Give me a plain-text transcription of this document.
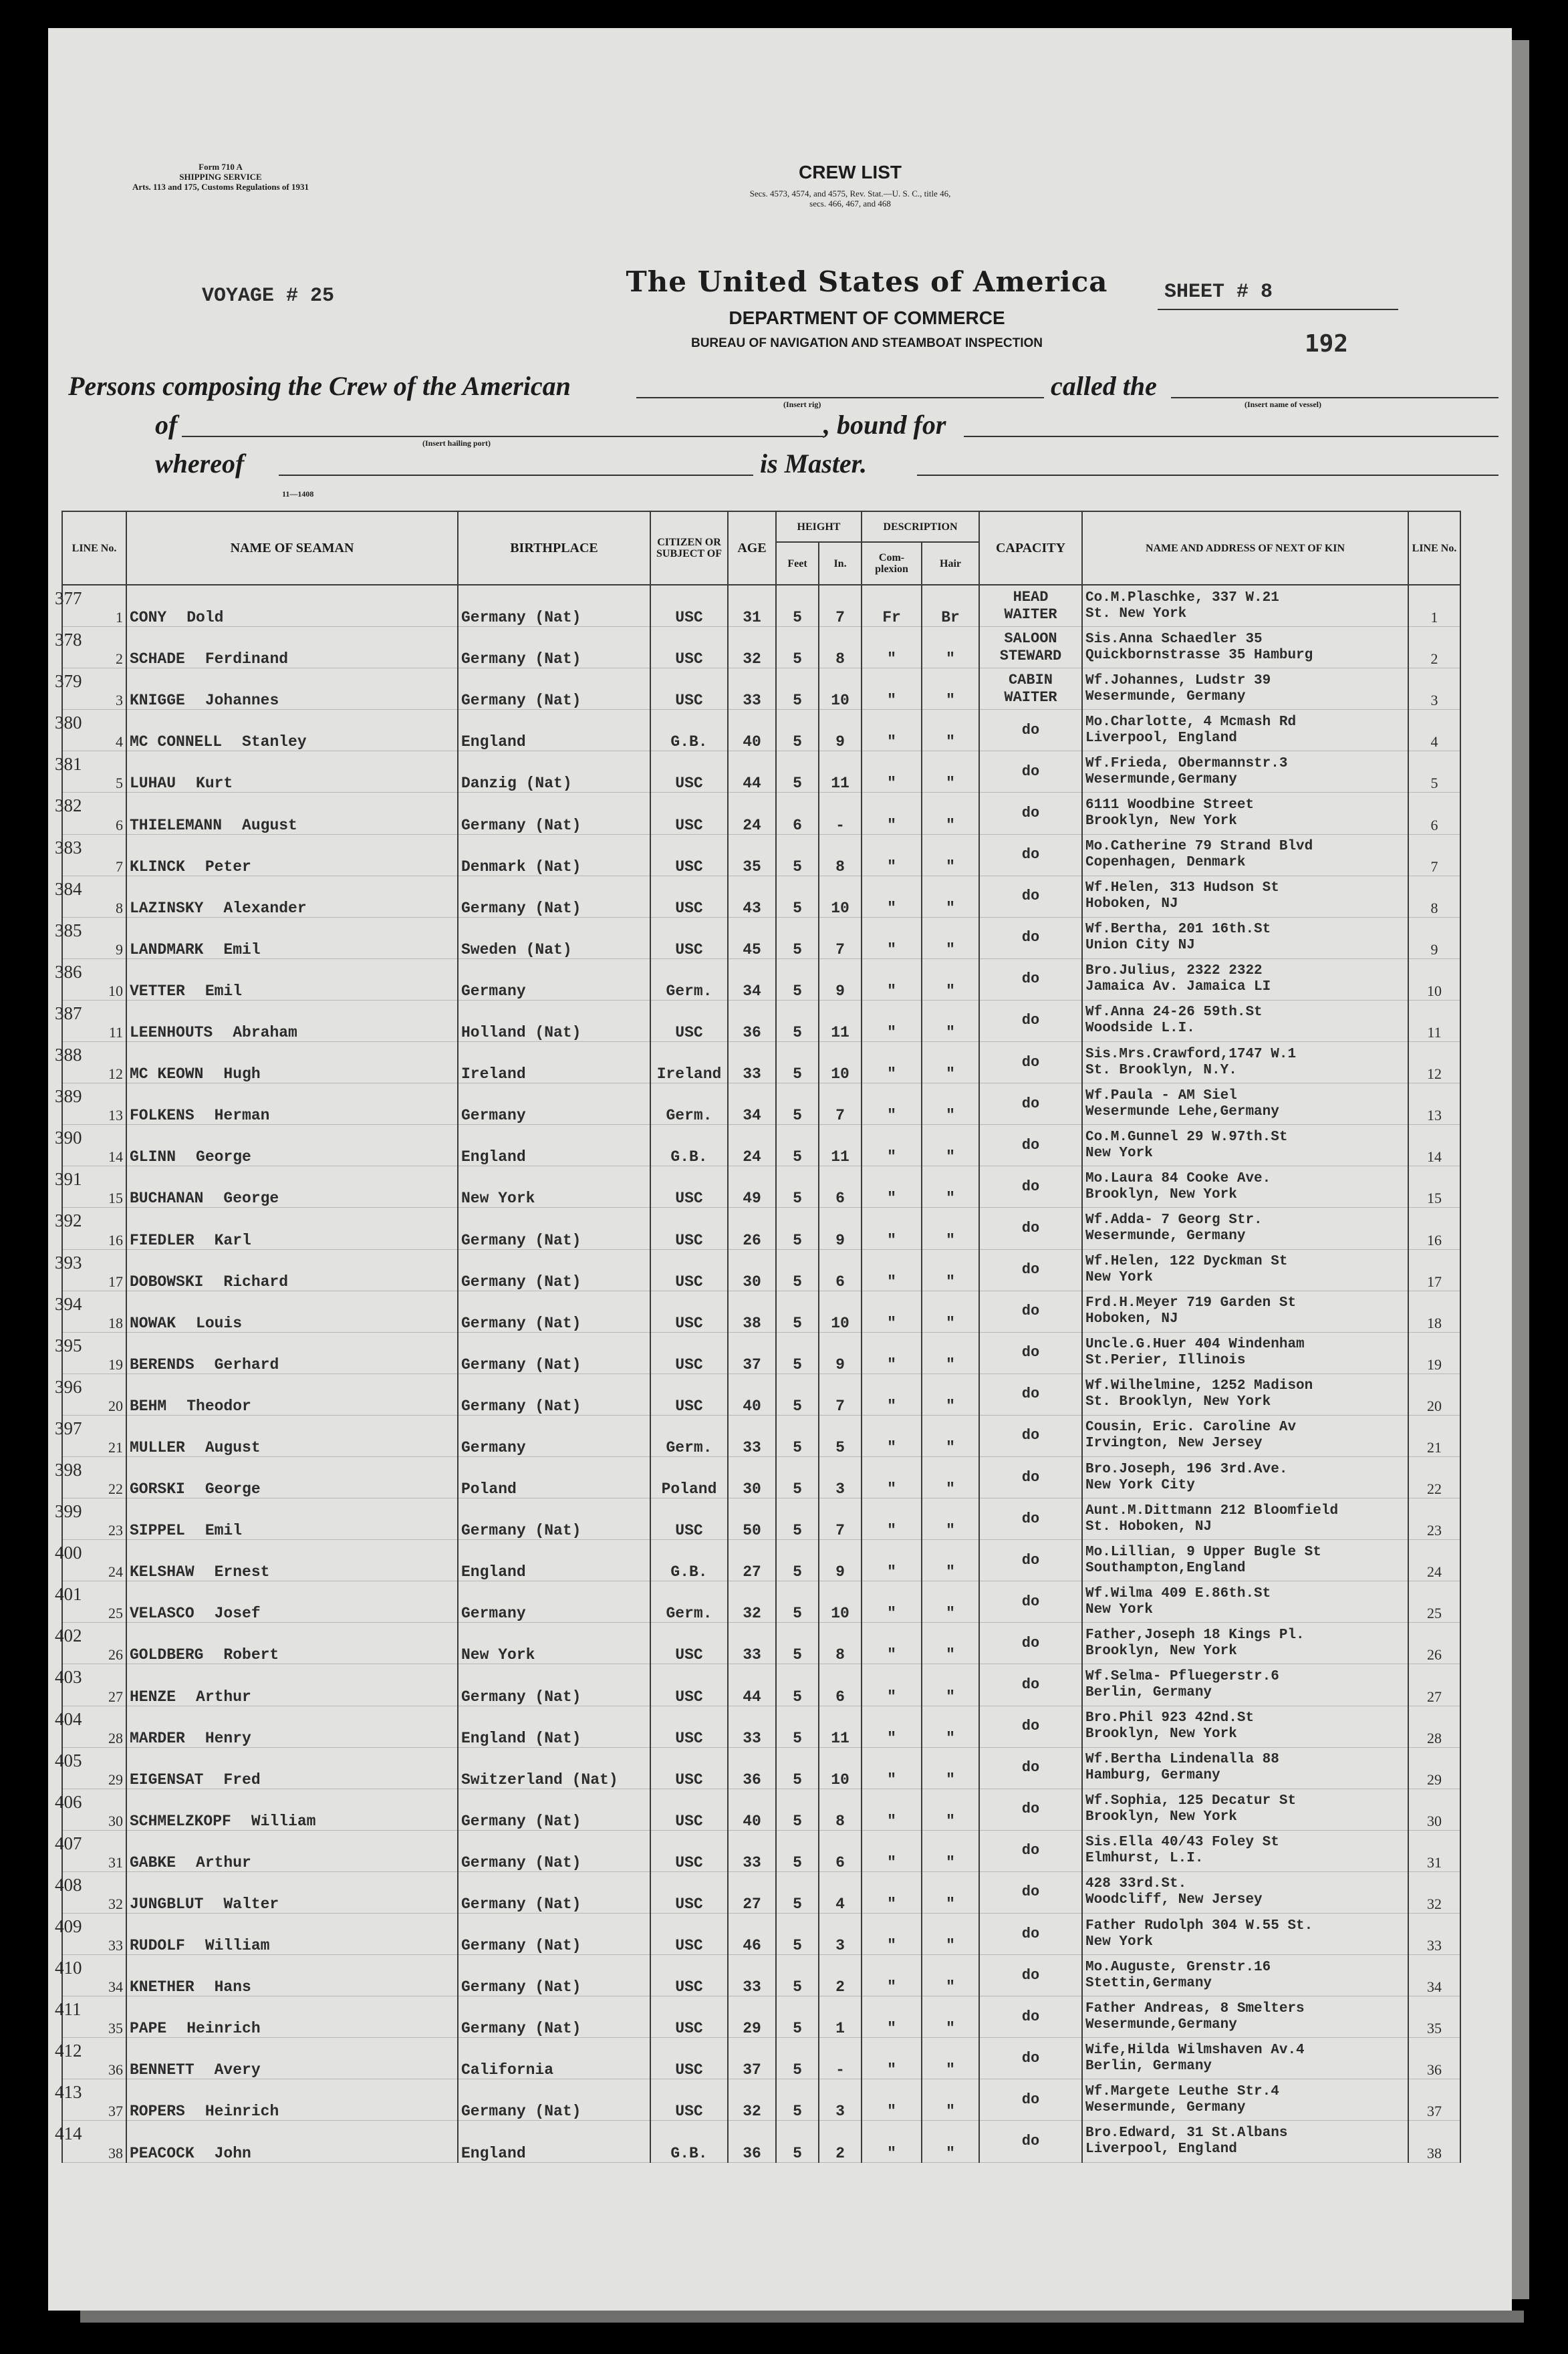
Form 710 A
SHIPPING SERVICE
Arts. 113 and 175, Customs Regulations of 1931
CREW LIST
Secs. 4573, 4574, and 4575, Rev. Stat.—U. S. C., title 46,
secs. 466, 467, and 468
The United States of America
DEPARTMENT OF COMMERCE
BUREAU OF NAVIGATION AND STEAMBOAT INSPECTION
VOYAGE # 25	SHEET # 8
192
Persons composing the Crew of the American
(Insert rig)
called the
(Insert name of vessel)
of
(Insert hailing port)
, bound for
whereof	is Master.
11—1408
LINE No.	NAME OF SEAMAN	BIRTHPLACE	CITIZEN OR SUBJECT OF	AGE	HEIGHT		DESCRIPTION		CAPACITY	NAME AND ADDRESS OF NEXT OF KIN	LINE No.
					Feet	In.	Com- plexion	Hair			

377
1	CONY Dold	Germany (Nat)	USC	31	5	7	Fr	Br	HEAD
WAITER	Co.M.Plaschke, 337 W.21
St. New York	1

378
2	SCHADE Ferdinand	Germany (Nat)	USC	32	5	8	"	"	SALOON
STEWARD	Sis.Anna Schaedler 35
Quickbornstrasse 35 Hamburg	2

379
3	KNIGGE Johannes	Germany (Nat)	USC	33	5	10	"	"	CABIN
WAITER	Wf.Johannes, Ludstr 39
Wesermunde, Germany	3

380
4	MC CONNELL Stanley	England	G.B.	40	5	9	"	"	do	Mo.Charlotte, 4 Mcmash Rd
Liverpool, England	4

381
5	LUHAU Kurt	Danzig (Nat)	USC	44	5	11	"	"	do	Wf.Frieda, Obermannstr.3
Wesermunde,Germany	5

382
6	THIELEMANN August	Germany (Nat)	USC	24	6	-	"	"	do	6111 Woodbine Street
Brooklyn, New York	6

383
7	KLINCK Peter	Denmark (Nat)	USC	35	5	8	"	"	do	Mo.Catherine 79 Strand Blvd
Copenhagen, Denmark	7

384
8	LAZINSKY Alexander	Germany (Nat)	USC	43	5	10	"	"	do	Wf.Helen, 313 Hudson St
Hoboken, NJ	8

385
9	LANDMARK Emil	Sweden (Nat)	USC	45	5	7	"	"	do	Wf.Bertha, 201 16th.St
Union City NJ	9

386
10	VETTER Emil	Germany	Germ.	34	5	9	"	"	do	Bro.Julius, 2322 2322
Jamaica Av. Jamaica LI	10

387
11	LEENHOUTS Abraham	Holland (Nat)	USC	36	5	11	"	"	do	Wf.Anna 24-26 59th.St
Woodside L.I.	11

388
12	MC KEOWN Hugh	Ireland	Ireland	33	5	10	"	"	do	Sis.Mrs.Crawford,1747 W.1
St. Brooklyn, N.Y.	12

389
13	FOLKENS Herman	Germany	Germ.	34	5	7	"	"	do	Wf.Paula - AM Siel
Wesermunde Lehe,Germany	13

390
14	GLINN George	England	G.B.	24	5	11	"	"	do	Co.M.Gunnel 29 W.97th.St
New York	14

391
15	BUCHANAN George	New York	USC	49	5	6	"	"	do	Mo.Laura 84 Cooke Ave.
Brooklyn, New York	15

392
16	FIEDLER Karl	Germany (Nat)	USC	26	5	9	"	"	do	Wf.Adda- 7 Georg Str.
Wesermunde, Germany	16

393
17	DOBOWSKI Richard	Germany (Nat)	USC	30	5	6	"	"	do	Wf.Helen, 122 Dyckman St
New York	17

394
18	NOWAK Louis	Germany (Nat)	USC	38	5	10	"	"	do	Frd.H.Meyer 719 Garden St
Hoboken, NJ	18

395
19	BERENDS Gerhard	Germany (Nat)	USC	37	5	9	"	"	do	Uncle.G.Huer 404 Windenham
St.Perier, Illinois	19

396
20	BEHM Theodor	Germany (Nat)	USC	40	5	7	"	"	do	Wf.Wilhelmine, 1252 Madison
St. Brooklyn, New York	20

397
21	MULLER August	Germany	Germ.	33	5	5	"	"	do	Cousin, Eric. Caroline Av
Irvington, New Jersey	21

398
22	GORSKI George	Poland	Poland	30	5	3	"	"	do	Bro.Joseph, 196 3rd.Ave.
New York City	22

399
23	SIPPEL Emil	Germany (Nat)	USC	50	5	7	"	"	do	Aunt.M.Dittmann 212 Bloomfield
St. Hoboken, NJ	23

400
24	KELSHAW Ernest	England	G.B.	27	5	9	"	"	do	Mo.Lillian, 9 Upper Bugle St
Southampton,England	24

401
25	VELASCO Josef	Germany	Germ.	32	5	10	"	"	do	Wf.Wilma 409 E.86th.St
New York	25

402
26	GOLDBERG Robert	New York	USC	33	5	8	"	"	do	Father,Joseph 18 Kings Pl.
Brooklyn, New York	26

403
27	HENZE Arthur	Germany (Nat)	USC	44	5	6	"	"	do	Wf.Selma- Pfluegerstr.6
Berlin, Germany	27

404
28	MARDER Henry	England (Nat)	USC	33	5	11	"	"	do	Bro.Phil 923 42nd.St
Brooklyn, New York	28

405
29	EIGENSAT Fred	Switzerland (Nat)	USC	36	5	10	"	"	do	Wf.Bertha Lindenalla 88
Hamburg, Germany	29

406
30	SCHMELZKOPF William	Germany (Nat)	USC	40	5	8	"	"	do	Wf.Sophia, 125 Decatur St
Brooklyn, New York	30

407
31	GABKE Arthur	Germany (Nat)	USC	33	5	6	"	"	do	Sis.Ella 40/43 Foley St
Elmhurst, L.I.	31

408
32	JUNGBLUT Walter	Germany (Nat)	USC	27	5	4	"	"	do	428 33rd.St.
Woodcliff, New Jersey	32

409
33	RUDOLF William	Germany (Nat)	USC	46	5	3	"	"	do	Father Rudolph 304 W.55 St.
New York	33

410
34	KNETHER Hans	Germany (Nat)	USC	33	5	2	"	"	do	Mo.Auguste, Grenstr.16
Stettin,Germany	34

411
35	PAPE Heinrich	Germany (Nat)	USC	29	5	1	"	"	do	Father Andreas, 8 Smelters
Wesermunde,Germany	35

412
36	BENNETT Avery	California	USC	37	5	-	"	"	do	Wife,Hilda Wilmshaven Av.4
Berlin, Germany	36

413
37	ROPERS Heinrich	Germany (Nat)	USC	32	5	3	"	"	do	Wf.Margete Leuthe Str.4
Wesermunde, Germany	37

414
38	PEACOCK John	England	G.B.	36	5	2	"	"	do	Bro.Edward, 31 St.Albans
Liverpool, England	38
